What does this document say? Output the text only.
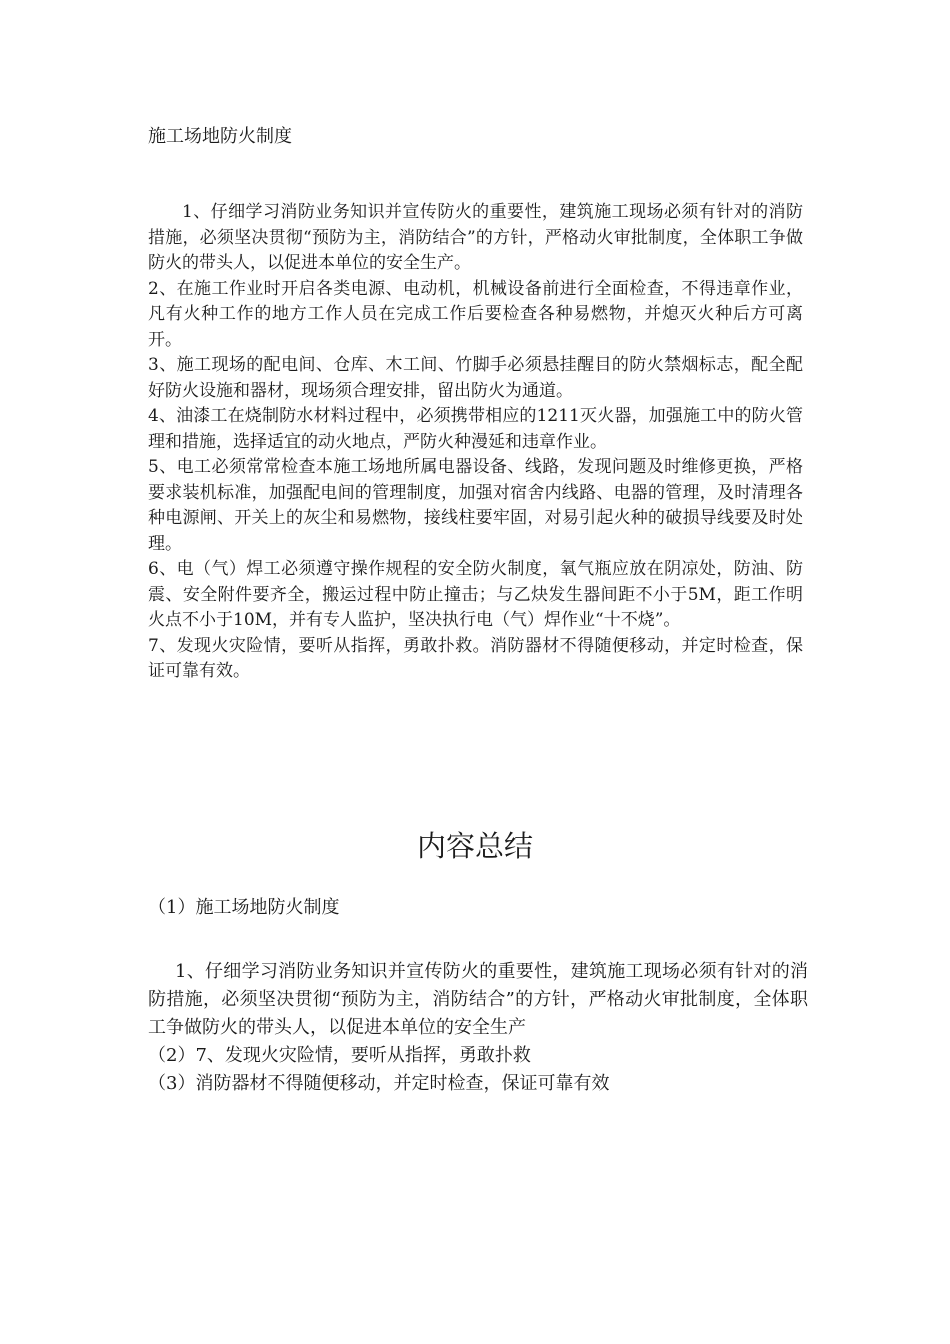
施工场地防火制度

1、仔细学习消防业务知识并宣传防火的重要性，建筑施工现场必须有针对的消防措施，必须坚决贯彻“预防为主，消防结合”的方针，严格动火审批制度，全体职工争做防火的带头人，以促进本单位的安全生产。

2、在施工作业时开启各类电源、电动机，机械设备前进行全面检查，不得违章作业，凡有火种工作的地方工作人员在完成工作后要检查各种易燃物，并熄灭火种后方可离开。

3、施工现场的配电间、仓库、木工间、竹脚手必须悬挂醒目的防火禁烟标志，配全配好防火设施和器材，现场须合理安排，留出防火为通道。

4、油漆工在烧制防水材料过程中，必须携带相应的1211灭火器，加强施工中的防火管理和措施，选择适宜的动火地点，严防火种漫延和违章作业。

5、电工必须常常检查本施工场地所属电器设备、线路，发现问题及时维修更换，严格要求装机标准，加强配电间的管理制度，加强对宿舍内线路、电器的管理，及时清理各种电源闸、开关上的灰尘和易燃物，接线柱要牢固，对易引起火种的破损导线要及时处理。

6、电（气）焊工必须遵守操作规程的安全防火制度，氧气瓶应放在阴凉处，防油、防震、安全附件要齐全，搬运过程中防止撞击；与乙炔发生器间距不小于5M，距工作明火点不小于10M，并有专人监护，坚决执行电（气）焊作业“十不烧”。

7、发现火灾险情，要听从指挥，勇敢扑救。消防器材不得随便移动，并定时检查，保证可靠有效。

内容总结

（1）施工场地防火制度

1、仔细学习消防业务知识并宣传防火的重要性，建筑施工现场必须有针对的消防措施，必须坚决贯彻“预防为主，消防结合”的方针，严格动火审批制度，全体职工争做防火的带头人，以促进本单位的安全生产

（2）7、发现火灾险情，要听从指挥，勇敢扑救

（3）消防器材不得随便移动，并定时检查，保证可靠有效
